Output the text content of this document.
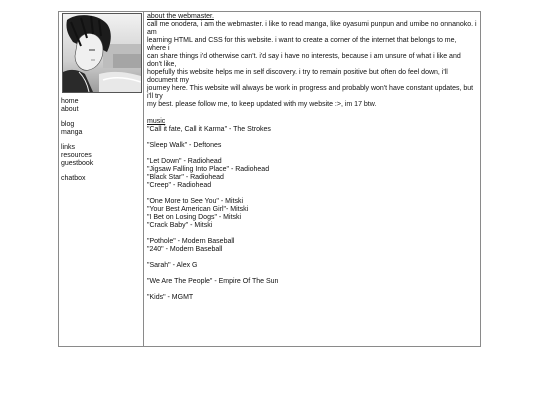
home
about
blog
manga
links
resources
guestbook
chatbox
about the webmaster.

call me onodera, i am the webmaster. i like to read manga, like oyasumi punpun and umibe no onnanoko. i am
learning HTML and CSS for this website. i want to create a corner of the internet that belongs to me, where i
can share things i'd otherwise can't. i'd say i have no interests, because i am unsure of what i like and don't like,
hopefully this website helps me in self discovery. i try to remain positive but often do feel down, i'll document my
journey here. This website will always be work in progress and probably won't have constant updates, but i'll try
my best. please follow me, to keep updated with my website :>, im 17 btw.

music
"Call it fate, Call it Karma" - The Strokes
"Sleep Walk" - Deftones
"Let Down" - Radiohead
"Jigsaw Falling Into Place" - Radiohead
"Black Star" - Radiohead
"Creep" - Radiohead
"One More to See You" - Mitski
"Your Best American Girl"- Mitski
"I Bet on Losing Dogs" - Mitski
"Crack Baby" - Mitski
"Pothole" - Modern Baseball
"240" - Modern Baseball
"Sarah" - Alex G
"We Are The People" - Empire Of The Sun
"Kids" - MGMT
